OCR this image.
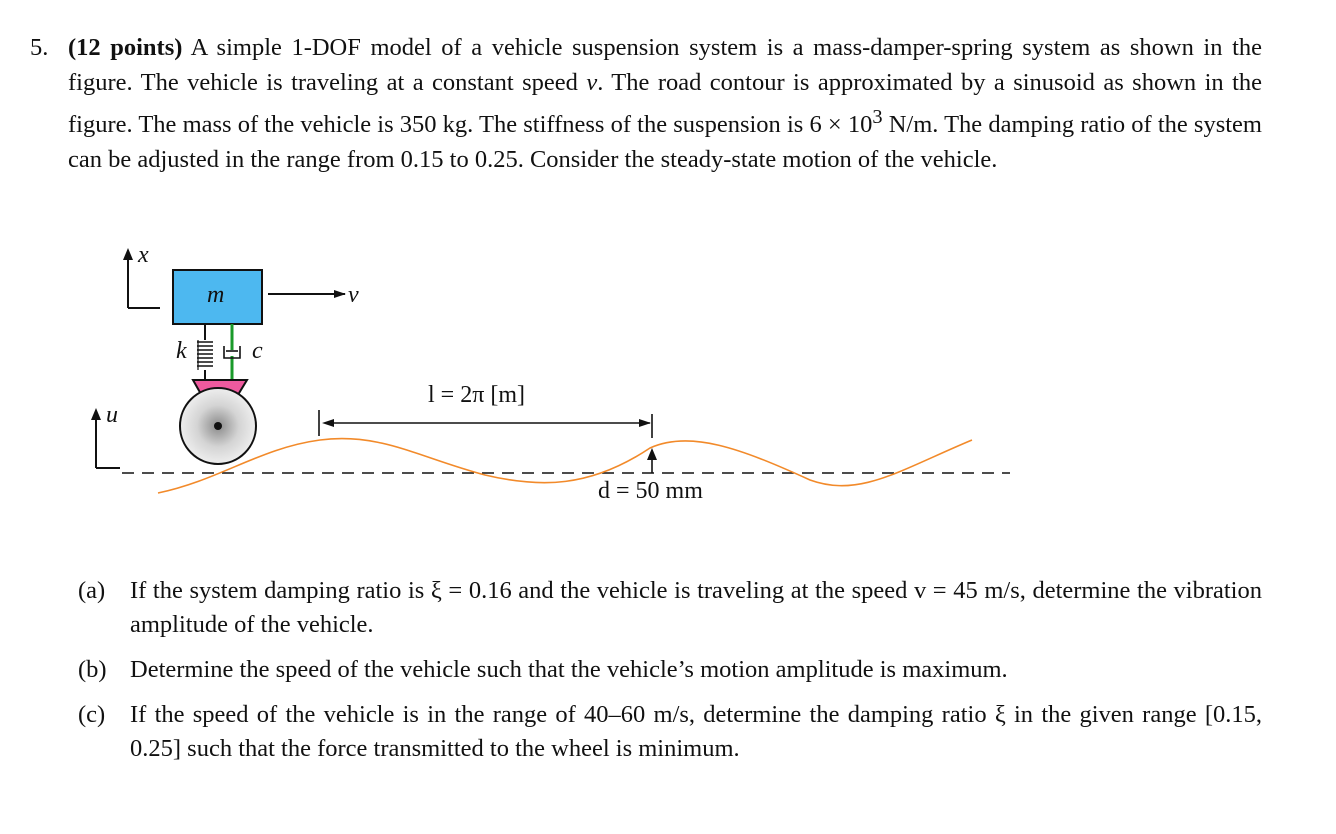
5. (12 points) A simple 1-DOF model of a vehicle suspension system is a mass-damper-spring system as shown in the figure. The vehicle is traveling at a constant speed v. The road contour is approximated by a sinusoid as shown in the figure. The mass of the vehicle is 350 kg. The stiffness of the suspension is $6 \times 10^3$ N/m. The damping ratio of the system can be adjusted in the range from 0.15 to 0.25. Consider the steady-state motion of the vehicle.
x
m	v
k	c
u
l = 2π [m]
d = 50 mm
(a) If the system damping ratio is ξ = 0.16 and the vehicle is traveling at the speed v = 45 m/s, determine the vibration amplitude of the vehicle.
(b) Determine the speed of the vehicle such that the vehicle’s motion amplitude is maximum.
(c) If the speed of the vehicle is in the range of 40–60 m/s, determine the damping ratio ξ in the given range [0.15, 0.25] such that the force transmitted to the wheel is minimum.
